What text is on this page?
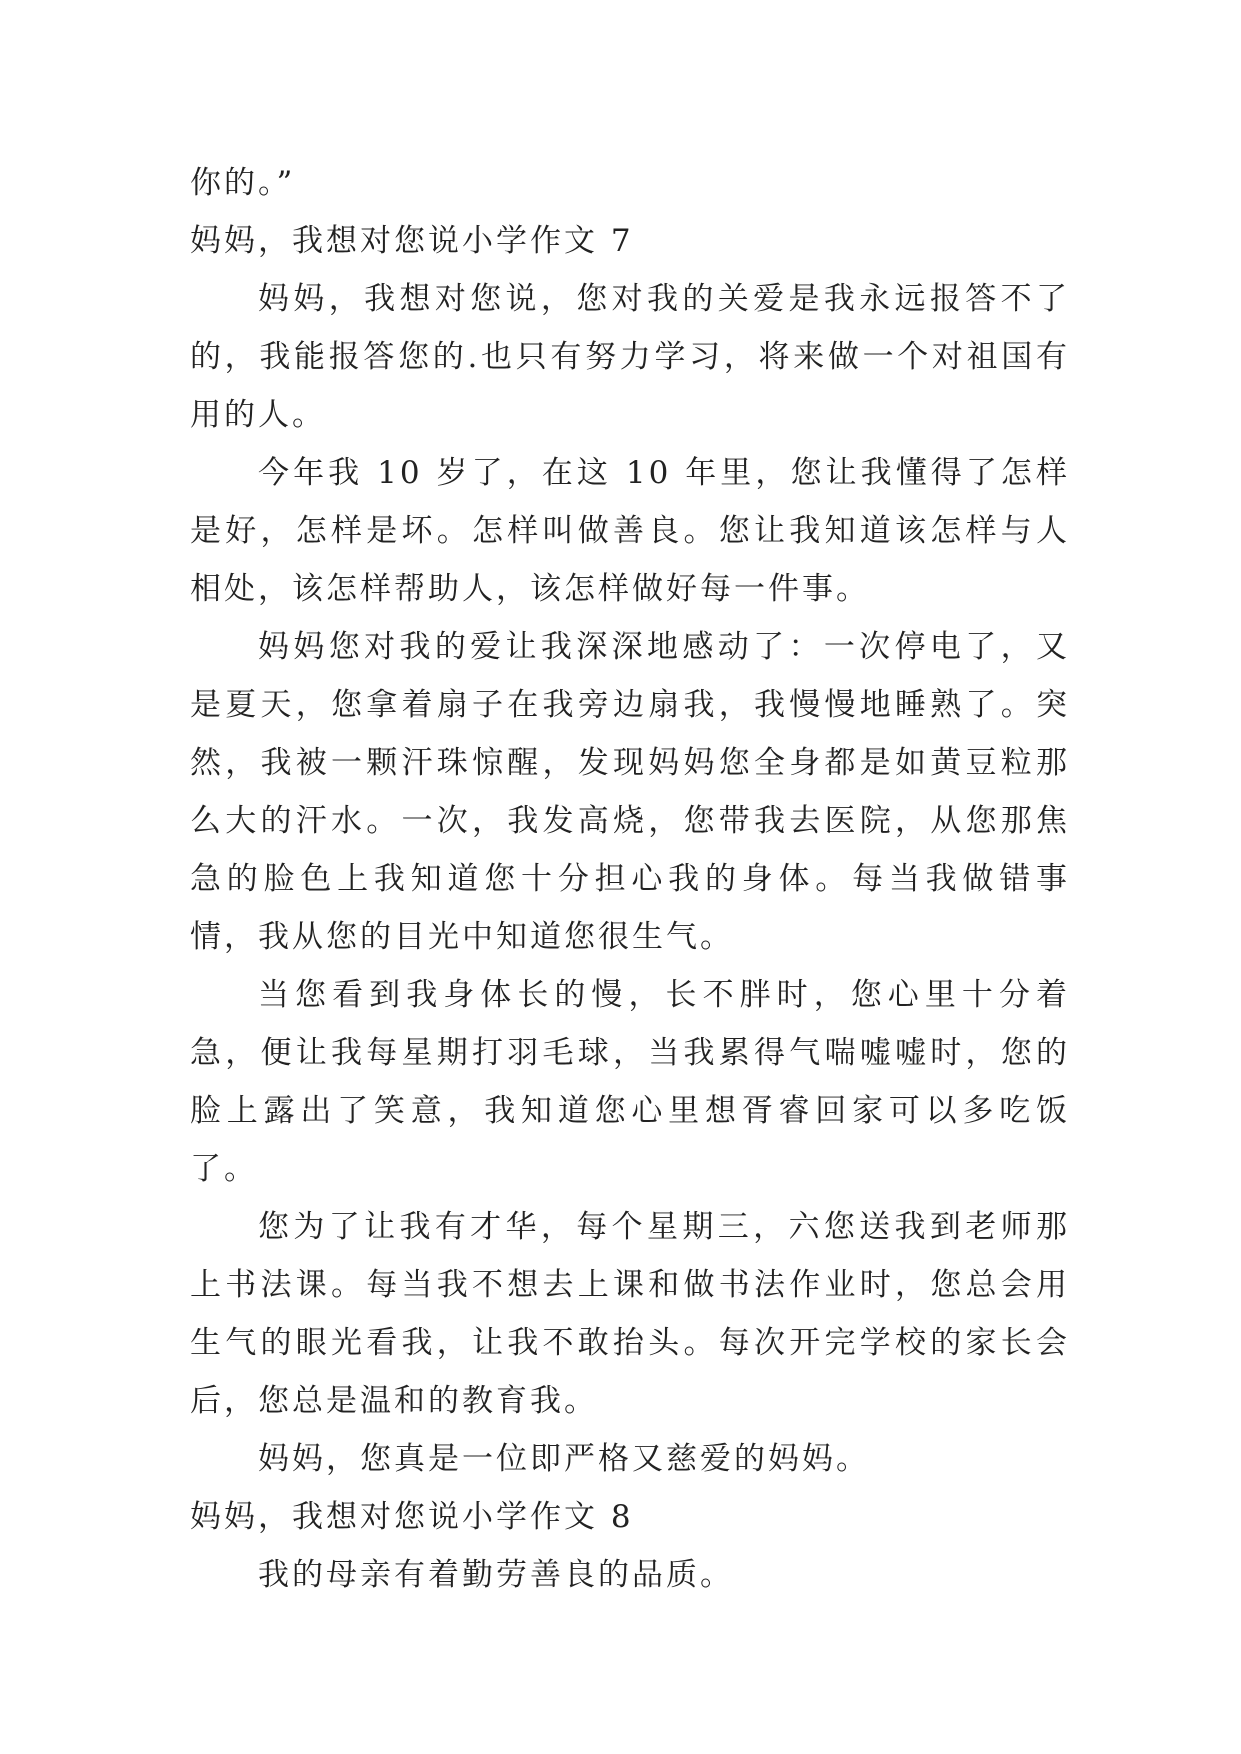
你的。”

妈妈，我想对您说小学作文 7

妈妈，我想对您说，您对我的关爱是我永远报答不了的，我能报答您的.也只有努力学习，将来做一个对祖国有用的人。

今年我 10 岁了，在这 10 年里，您让我懂得了怎样是好，怎样是坏。怎样叫做善良。您让我知道该怎样与人相处，该怎样帮助人，该怎样做好每一件事。

妈妈您对我的爱让我深深地感动了：一次停电了，又是夏天，您拿着扇子在我旁边扇我，我慢慢地睡熟了。突然，我被一颗汗珠惊醒，发现妈妈您全身都是如黄豆粒那么大的汗水。一次，我发高烧，您带我去医院，从您那焦急的脸色上我知道您十分担心我的身体。每当我做错事情，我从您的目光中知道您很生气。

当您看到我身体长的慢，长不胖时，您心里十分着急，便让我每星期打羽毛球，当我累得气喘嘘嘘时，您的脸上露出了笑意，我知道您心里想胥睿回家可以多吃饭了。

您为了让我有才华，每个星期三，六您送我到老师那上书法课。每当我不想去上课和做书法作业时，您总会用生气的眼光看我，让我不敢抬头。每次开完学校的家长会后，您总是温和的教育我。

妈妈，您真是一位即严格又慈爱的妈妈。

妈妈，我想对您说小学作文 8

我的母亲有着勤劳善良的品质。
